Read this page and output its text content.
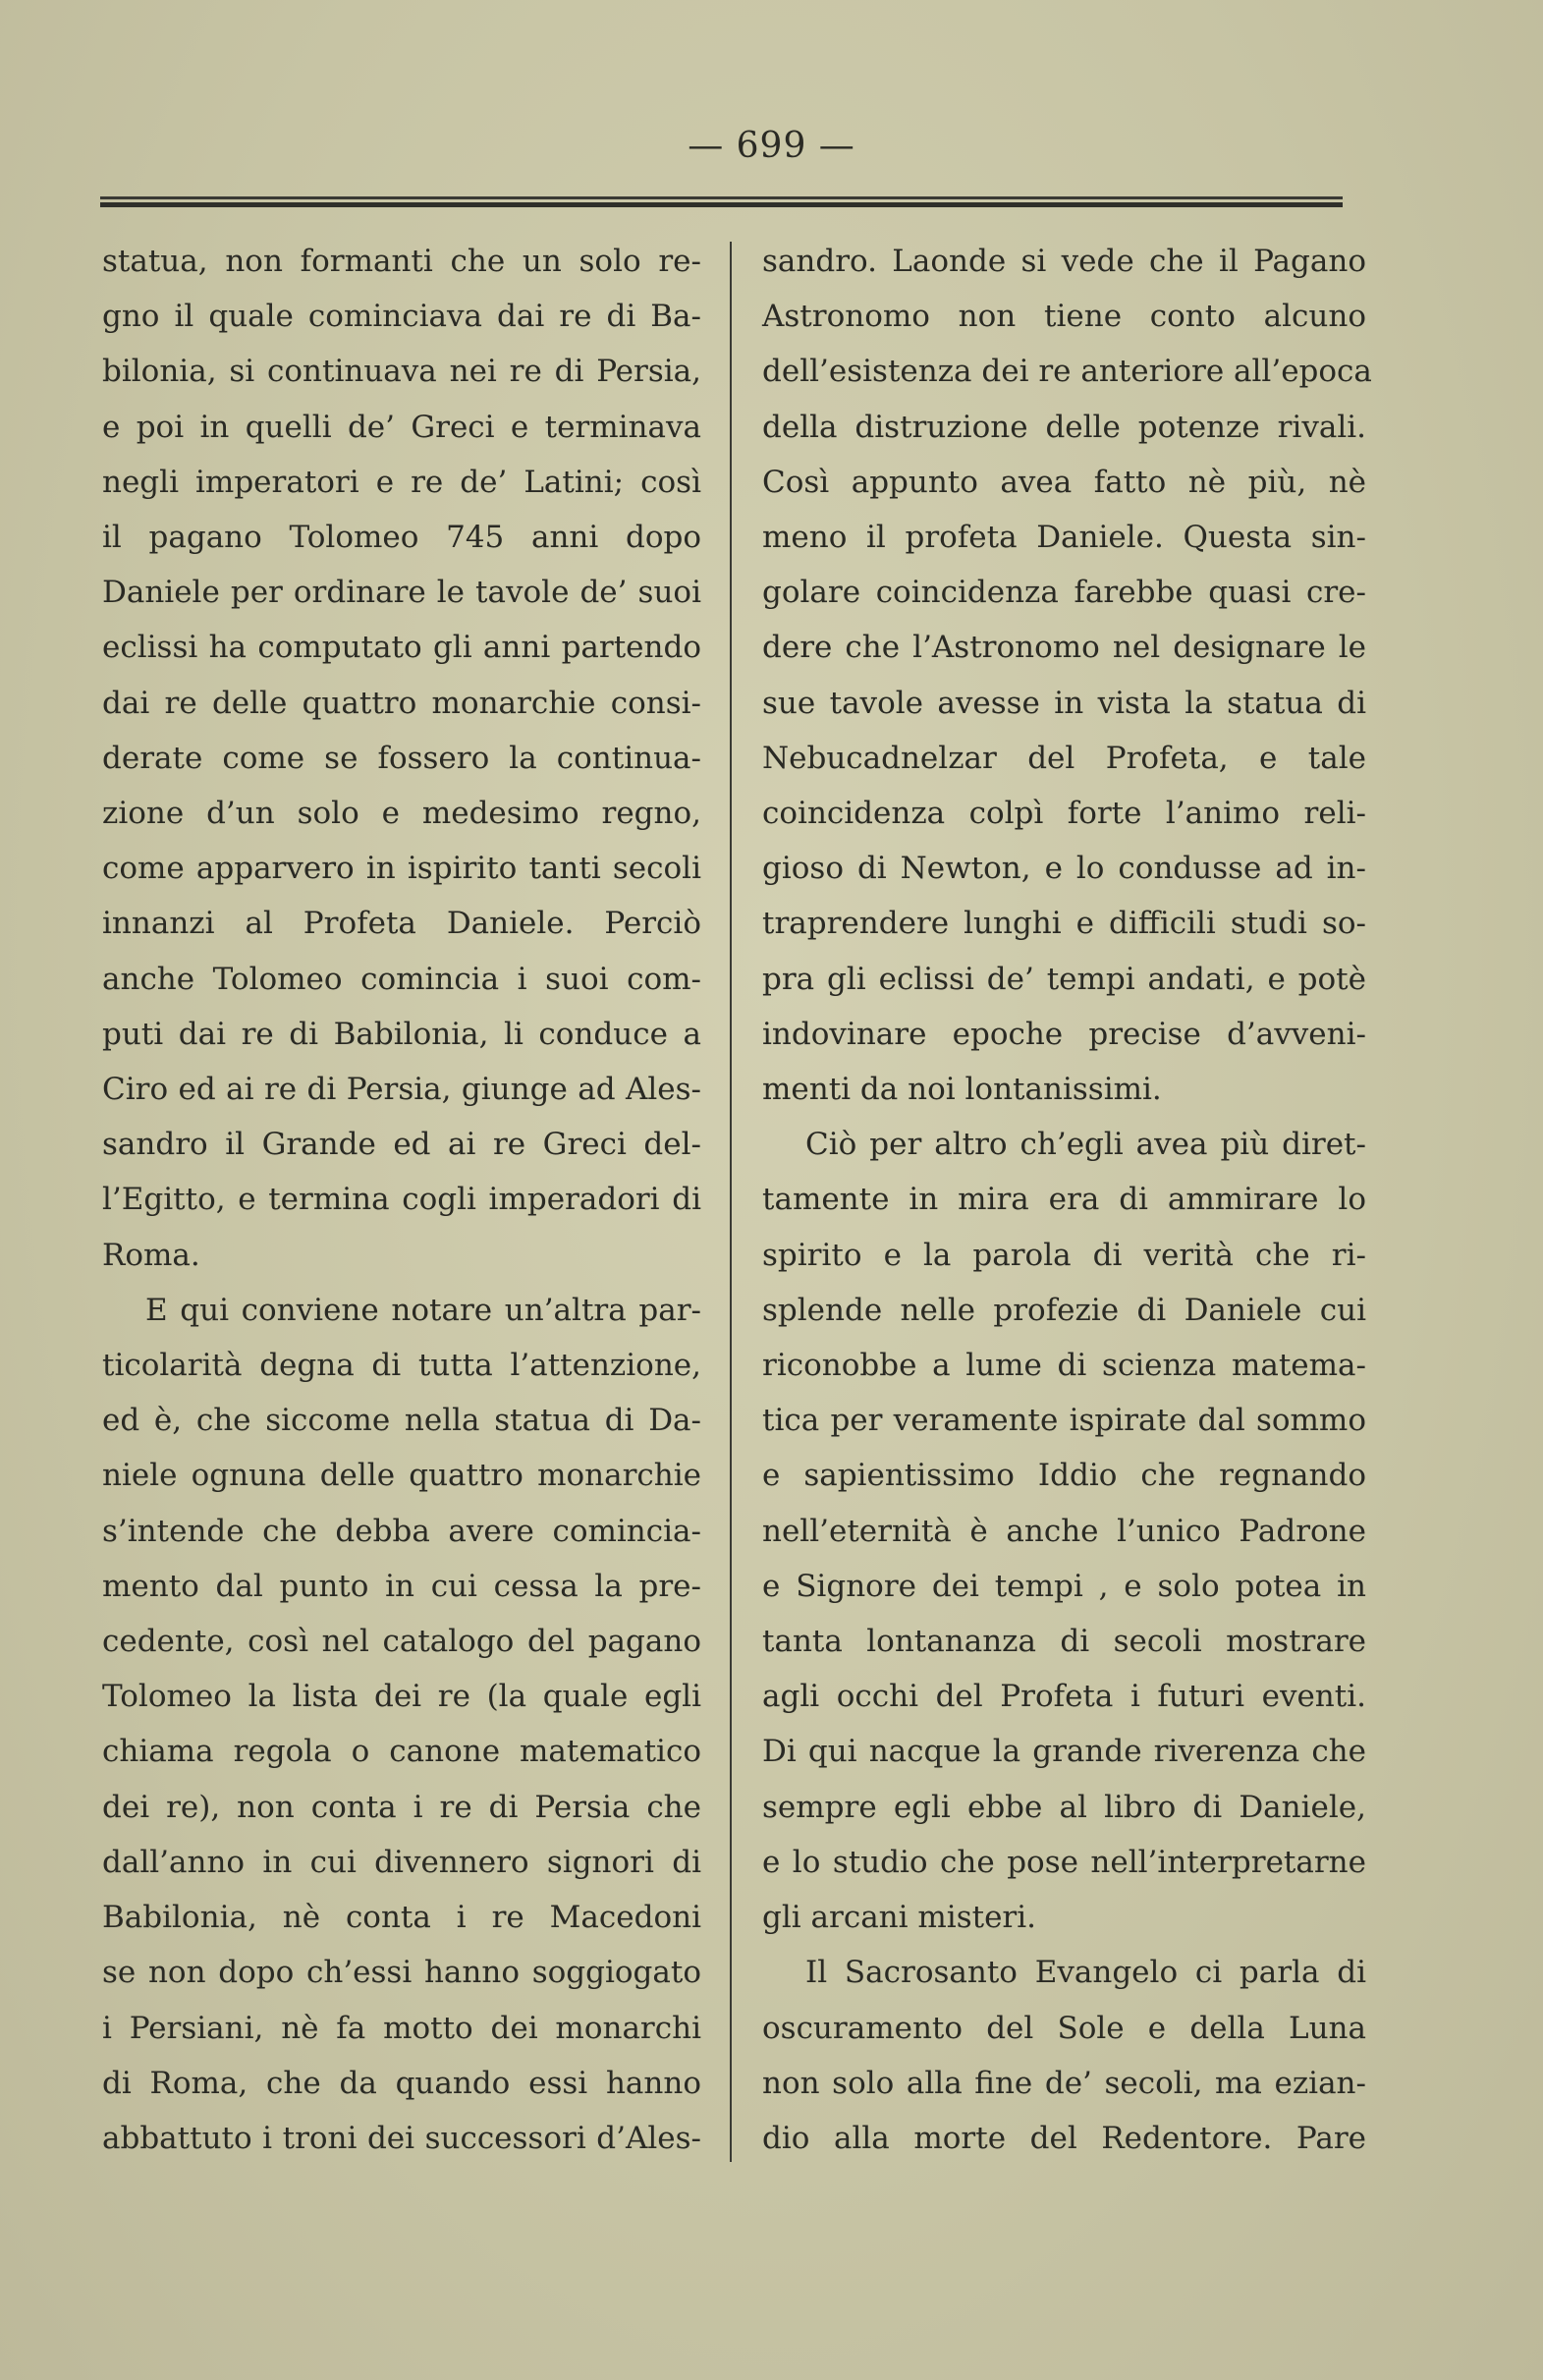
— 699 —
statua, non formanti che un solo re-
gno il quale cominciava dai re di Ba-
bilonia, si continuava nei re di Persia,
e poi in quelli de’ Greci e terminava
negli imperatori e re de’ Latini; così
il pagano Tolomeo 745 anni dopo
Daniele per ordinare le tavole de’ suoi
eclissi ha computato gli anni partendo
dai re delle quattro monarchie consi-
derate come se fossero la continua-
zione d’un solo e medesimo regno,
come apparvero in ispirito tanti secoli
innanzi al Profeta Daniele. Perciò
anche Tolomeo comincia i suoi com-
puti dai re di Babilonia, li conduce a
Ciro ed ai re di Persia, giunge ad Ales-
sandro il Grande ed ai re Greci del-
l’Egitto, e termina cogli imperadori di
Roma.
E qui conviene notare un’altra par-
ticolarità degna di tutta l’attenzione,
ed è, che siccome nella statua di Da-
niele ognuna delle quattro monarchie
s’intende che debba avere comincia-
mento dal punto in cui cessa la pre-
cedente, così nel catalogo del pagano
Tolomeo la lista dei re (la quale egli
chiama regola o canone matematico
dei re), non conta i re di Persia che
dall’anno in cui divennero signori di
Babilonia, nè conta i re Macedoni
se non dopo ch’essi hanno soggiogato
i Persiani, nè fa motto dei monarchi
di Roma, che da quando essi hanno
abbattuto i troni dei successori d’Ales-
sandro. Laonde si vede che il Pagano
Astronomo non tiene conto alcuno
dell’esistenza dei re anteriore all’epoca
della distruzione delle potenze rivali.
Così appunto avea fatto nè più, nè
meno il profeta Daniele. Questa sin-
golare coincidenza farebbe quasi cre-
dere che l’Astronomo nel designare le
sue tavole avesse in vista la statua di
Nebucadnelzar del Profeta, e tale
coincidenza colpì forte l’animo reli-
gioso di Newton, e lo condusse ad in-
traprendere lunghi e difficili studi so-
pra gli eclissi de’ tempi andati, e potè
indovinare epoche precise d’avveni-
menti da noi lontanissimi.
Ciò per altro ch’egli avea più diret-
tamente in mira era di ammirare lo
spirito e la parola di verità che ri-
splende nelle profezie di Daniele cui
riconobbe a lume di scienza matema-
tica per veramente ispirate dal sommo
e sapientissimo Iddio che regnando
nell’eternità è anche l’unico Padrone
e Signore dei tempi , e solo potea in
tanta lontananza di secoli mostrare
agli occhi del Profeta i futuri eventi.
Di qui nacque la grande riverenza che
sempre egli ebbe al libro di Daniele,
e lo studio che pose nell’interpretarne
gli arcani misteri.
Il Sacrosanto Evangelo ci parla di
oscuramento del Sole e della Luna
non solo alla fine de’ secoli, ma ezian-
dio alla morte del Redentore. Pare
